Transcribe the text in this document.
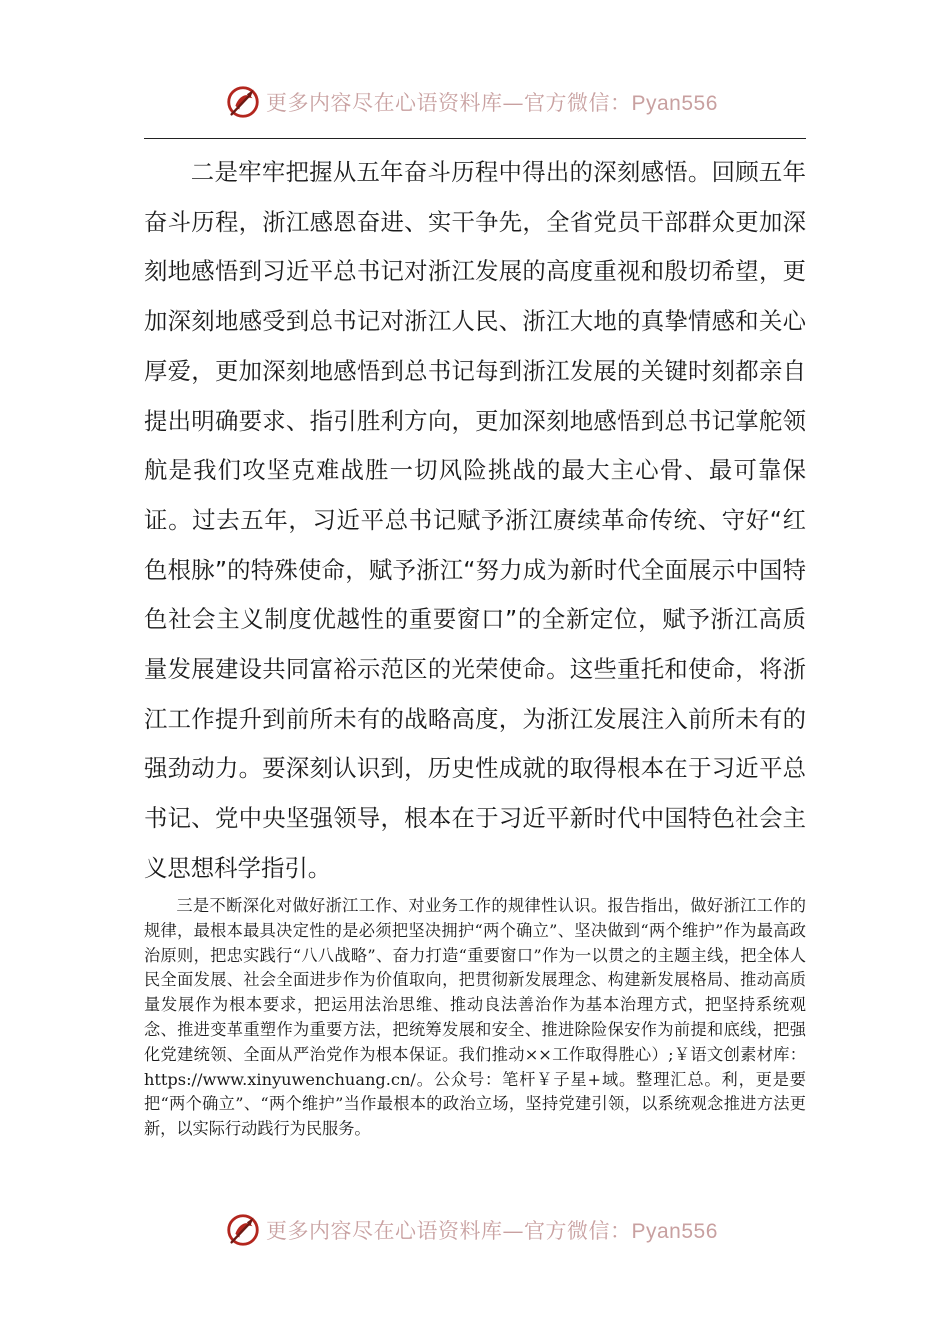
更多内容尽在心语资料库—官方微信：Pyan556

二是牢牢把握从五年奋斗历程中得出的深刻感悟。回顾五年奋斗历程，浙江感恩奋进、实干争先，全省党员干部群众更加深刻地感悟到习近平总书记对浙江发展的高度重视和殷切希望，更加深刻地感受到总书记对浙江人民、浙江大地的真挚情感和关心厚爱，更加深刻地感悟到总书记每到浙江发展的关键时刻都亲自提出明确要求、指引胜利方向，更加深刻地感悟到总书记掌舵领航是我们攻坚克难战胜一切风险挑战的最大主心骨、最可靠保证。过去五年，习近平总书记赋予浙江赓续革命传统、守好“红色根脉”的特殊使命，赋予浙江“努力成为新时代全面展示中国特色社会主义制度优越性的重要窗口”的全新定位，赋予浙江高质量发展建设共同富裕示范区的光荣使命。这些重托和使命，将浙江工作提升到前所未有的战略高度，为浙江发展注入前所未有的强劲动力。要深刻认识到，历史性成就的取得根本在于习近平总书记、党中央坚强领导，根本在于习近平新时代中国特色社会主义思想科学指引。

三是不断深化对做好浙江工作、对业务工作的规律性认识。报告指出，做好浙江工作的规律，最根本最具决定性的是必须把坚决拥护“两个确立”、坚决做到“两个维护”作为最高政治原则，把忠实践行“八八战略”、奋力打造“重要窗口”作为一以贯之的主题主线，把全体人民全面发展、社会全面进步作为价值取向，把贯彻新发展理念、构建新发展格局、推动高质量发展作为根本要求，把运用法治思维、推动良法善治作为基本治理方式，把坚持系统观念、推进变革重塑作为重要方法，把统筹发展和安全、推进除险保安作为前提和底线，把强化党建统领、全面从严治党作为根本保证。我们推动××工作取得胜心）;￥语文创素材库：https://www.xinyuwenchuang.cn/。公众号：笔杆￥子星+域。整理汇总。利，更是要把“两个确立”、“两个维护”当作最根本的政治立场，坚持党建引领，以系统观念推进方法更新，以实际行动践行为民服务。

更多内容尽在心语资料库—官方微信：Pyan556
